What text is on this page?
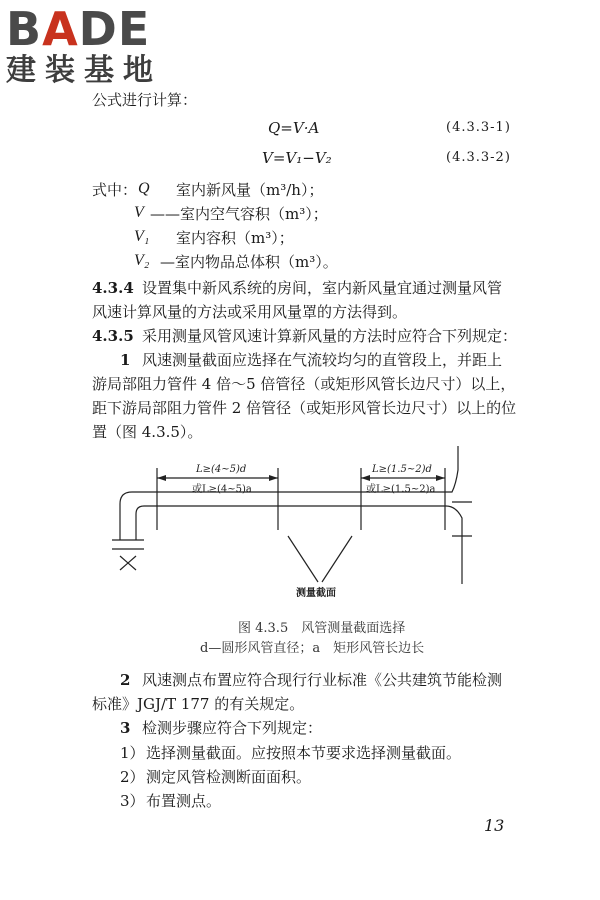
BADE
建装基地
公式进行计算：
Q=V·A	(4.3.3-1)
V=V₁−V₂	(4.3.3-2)
式中： Q 室内新风量（m³/h）；
V ——室内空气容积（m³）；
V₁ 室内容积（m³）；
V₂ —室内物品总体积（m³）。
4.3.4 设置集中新风系统的房间，室内新风量宜通过测量风管
风速计算风量的方法或采用风量罩的方法得到。
4.3.5 采用测量风管风速计算新风量的方法时应符合下列规定：
1 风速测量截面应选择在气流较均匀的直管段上，并距上
游局部阻力管件 4 倍～5 倍管径（或矩形风管长边尺寸）以上，
距下游局部阻力管件 2 倍管径（或矩形风管长边尺寸）以上的位
置（图 4.3.5）。
L≥(4~5)d
或L≥(4~5)a
L≥(1.5~2)d
或L≥(1.5~2)a
测量截面
图 4.3.5　风管测量截面选择
d—圆形风管直径；a　矩形风管长边长
2 风速测点布置应符合现行行业标准《公共建筑节能检测
标准》JGJ/T 177 的有关规定。
3 检测步骤应符合下列规定：
1） 选择测量截面。应按照本节要求选择测量截面。
2） 测定风管检测断面面积。
3） 布置测点。
13
